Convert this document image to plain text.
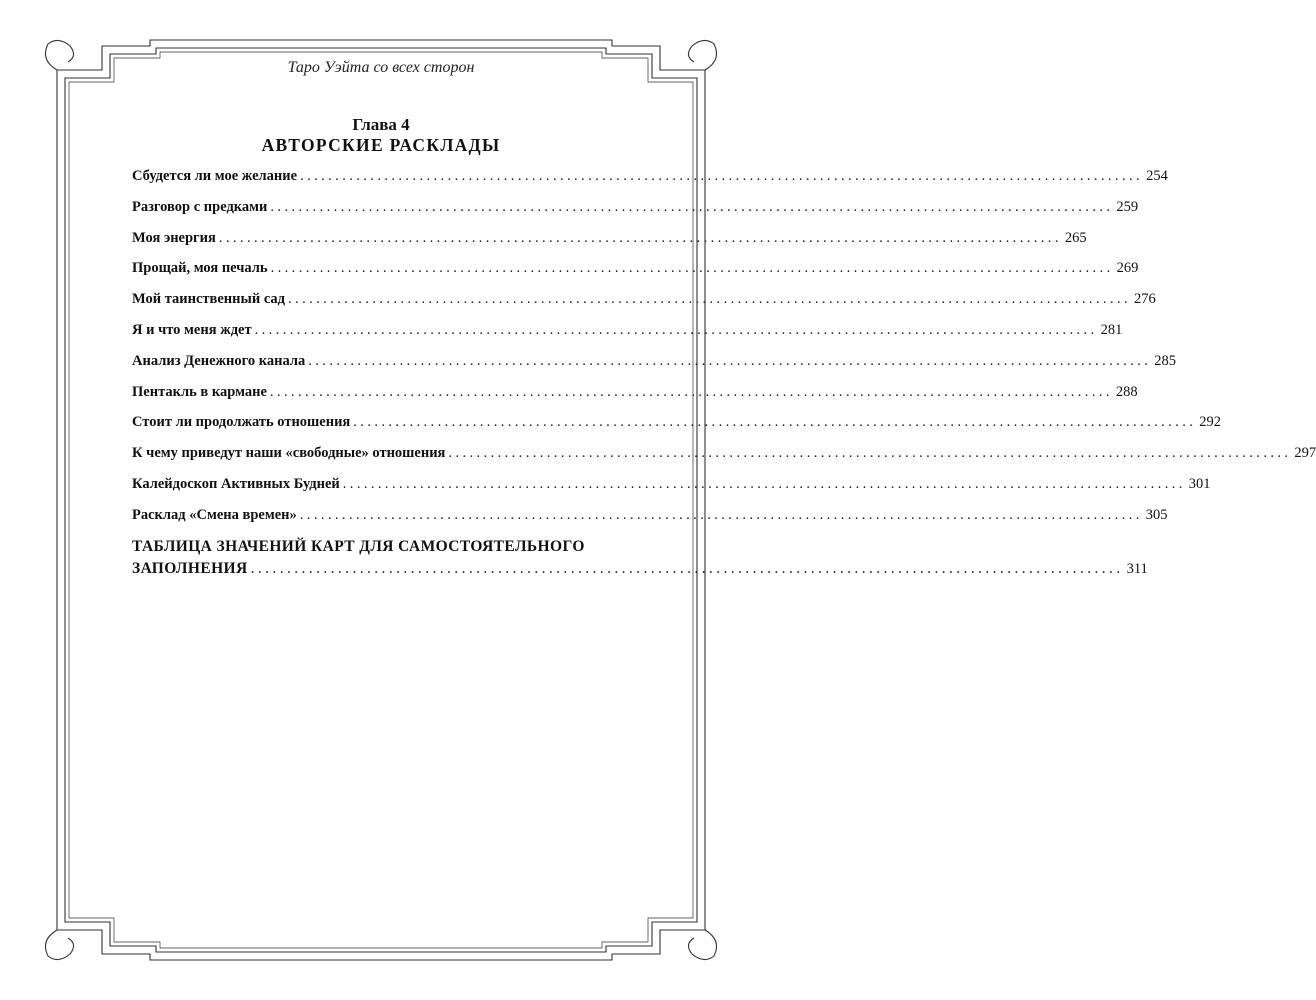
Таро Уэйта со всех сторон
Глава 4
АВТОРСКИЕ РАСКЛАДЫ
Сбудется ли мое желание ........................................................................................................................ 254
Разговор с предками ........................................................................................................................ 259
Моя энергия ........................................................................................................................ 265
Прощай, моя печаль ........................................................................................................................ 269
Мой таинственный сад ........................................................................................................................ 276
Я и что меня ждет ........................................................................................................................ 281
Анализ Денежного канала ........................................................................................................................ 285
Пентакль в кармане ........................................................................................................................ 288
Стоит ли продолжать отношения ........................................................................................................................ 292
К чему приведут наши «свободные» отношения ........................................................................................................................ 297
Калейдоскоп Активных Будней ........................................................................................................................ 301
Расклад «Смена времен» ........................................................................................................................ 305
ТАБЛИЦА ЗНАЧЕНИЙ КАРТ ДЛЯ САМОСТОЯТЕЛЬНОГО
ЗАПОЛНЕНИЯ ........................................................................................................................ 311
